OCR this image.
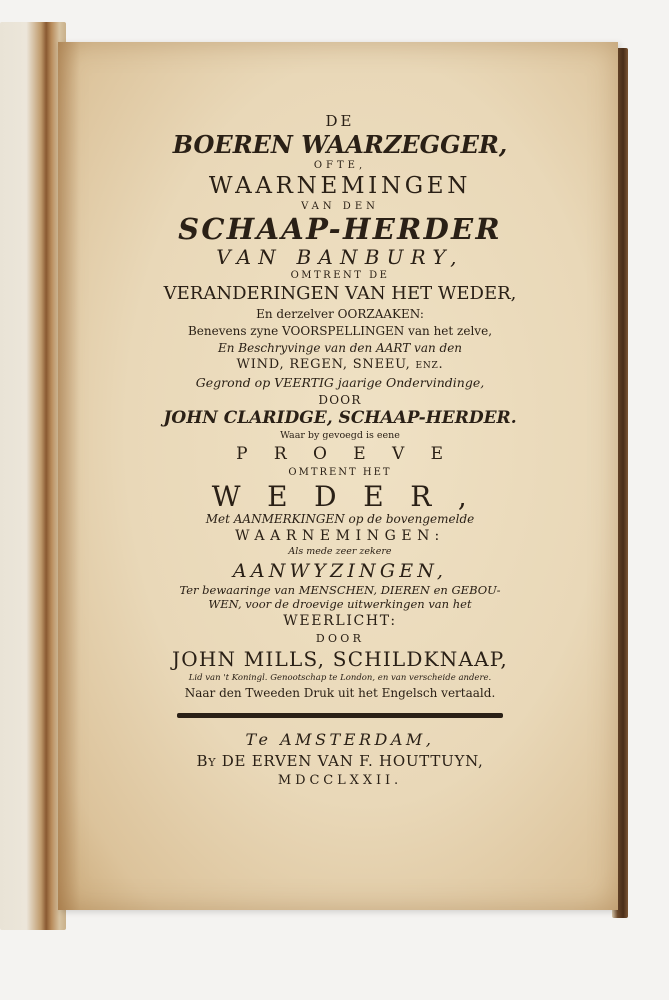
DE
BOEREN WAARZEGGER,
OFTE,
WAARNEMINGEN
VAN DEN
SCHAAP-HERDER
VAN BANBURY,
OMTRENT DE
VERANDERINGEN VAN HET WEDER,
En derzelver OORZAAKEN:
Benevens zyne VOORSPELLINGEN van het zelve,
En Beschryvinge van den AART van den
WIND, REGEN, SNEEU, enz.
Gegrond op VEERTIG jaarige Ondervindinge,
DOOR
JOHN CLARIDGE, SCHAAP-HERDER.
Waar by gevoegd is eene
PROEVE
OMTRENT HET
WEDER,
Met AANMERKINGEN op de bovengemelde
WAARNEMINGEN:
Als mede zeer zekere
AANWYZINGEN,
Ter bewaaringe van MENSCHEN, DIEREN en GEBOU-
WEN, voor de droevige uitwerkingen van het
WEERLICHT:
DOOR
JOHN MILLS, SCHILDKNAAP,
Lid van 't Koningl. Genootschap te London, en van verscheide andere.
Naar den Tweeden Druk uit het Engelsch vertaald.
Te AMSTERDAM,
By DE ERVEN VAN F. HOUTTUYN,
MDCCLXXII.
